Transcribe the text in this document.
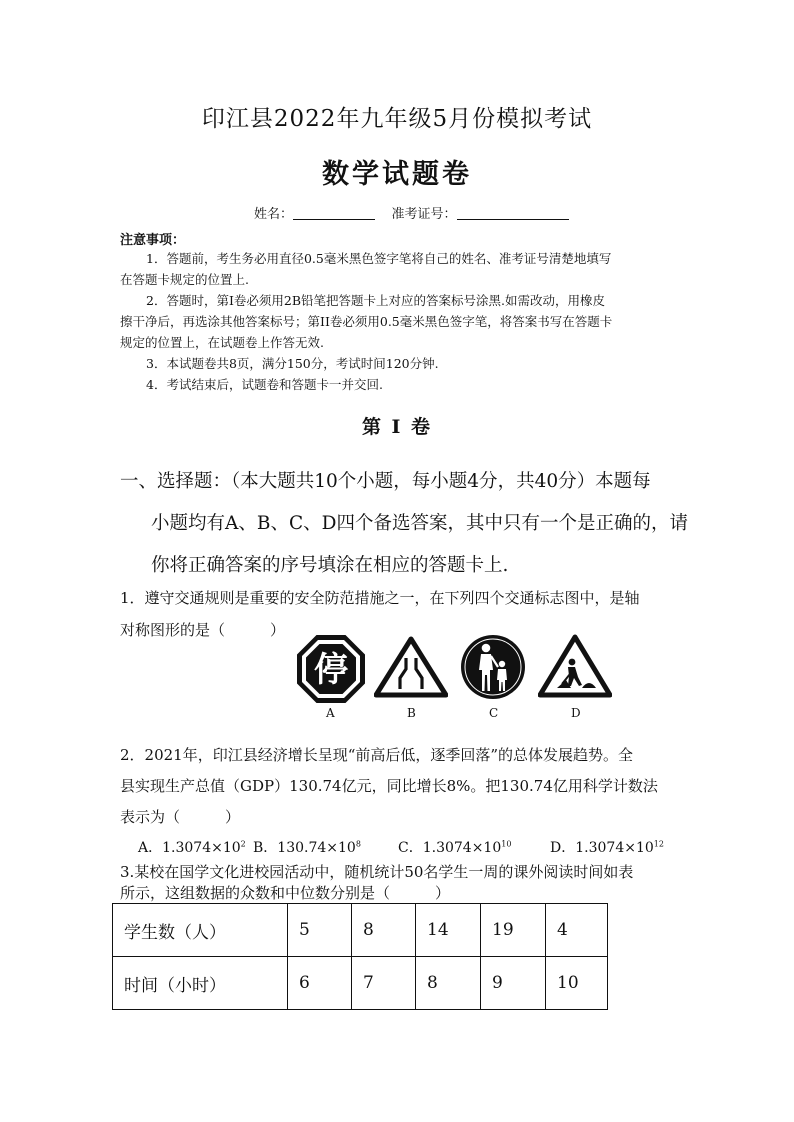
印江县2022年九年级5月份模拟考试
数学试题卷
姓名：	准考证号：
注意事项：
1．答题前，考生务必用直径0.5毫米黑色签字笔将自己的姓名、准考证号清楚地填写
在答题卡规定的位置上.
2．答题时，第I卷必须用2B铅笔把答题卡上对应的答案标号涂黑.如需改动，用橡皮
擦干净后，再选涂其他答案标号；第II卷必须用0.5毫米黑色签字笔，将答案书写在答题卡
规定的位置上，在试题卷上作答无效.
3．本试题卷共8页，满分150分，考试时间120分钟.
4．考试结束后，试题卷和答题卡一并交回.
第 I 卷
一、选择题：（本大题共10个小题，每小题4分，共40分）本题每
小题均有A、B、C、D四个备选答案，其中只有一个是正确的，请
你将正确答案的序号填涂在相应的答题卡上.
1．遵守交通规则是重要的安全防范措施之一，在下列四个交通标志图中，是轴
对称图形的是（　　　）
停
A	B	C	D
2．2021年，印江县经济增长呈现“前高后低，逐季回落”的总体发展趋势。全
县实现生产总值（GDP）130.74亿元，同比增长8%。把130.74亿用科学计数法
表示为（　　　）
A．$1.3074\times 10^2$ B．$130.74\times 10^8$	C．$1.3074\times 10^{10}$	D．$1.3074\times 10^{12}$
3.某校在国学文化进校园活动中，随机统计50名学生一周的课外阅读时间如表
所示，这组数据的众数和中位数分别是（　　　）
学生数（人）	5	8	14	19	4
时间（小时）	6	7	8	9	10
